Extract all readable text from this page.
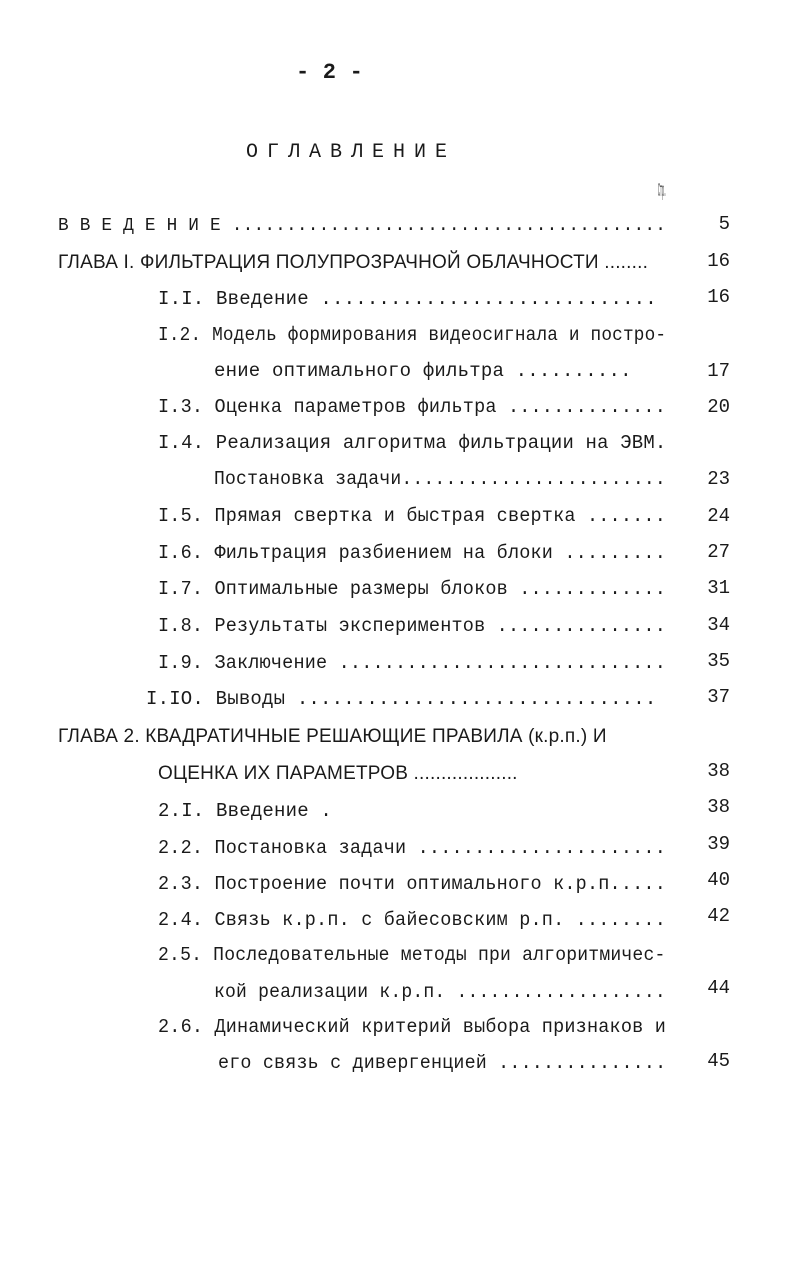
- 2 -
ОГЛАВЛЕНИЕ
Стр.
В В Е Д Е Н И Е ........................................	5
ГЛАВА I. ФИЛЬТРАЦИЯ ПОЛУПРОЗРАЧНОЙ ОБЛАЧНОСТИ ........	16
I.I. Введение .............................	16
I.2. Модель формирования видеосигнала и постро-
ение оптимального фильтра ..........	17
I.3. Оценка параметров фильтра ..............	20
I.4. Реализация алгоритма фильтрации на ЭВМ.
Постановка задачи........................	23
I.5. Прямая свертка и быстрая свертка .......	24
I.6. Фильтрация разбиением на блоки .........	27
I.7. Оптимальные размеры блоков .............	31
I.8. Результаты экспериментов ...............	34
I.9. Заключение .............................	35
I.IO. Выводы ...............................	37
ГЛАВА 2. КВАДРАТИЧНЫЕ РЕШАЮЩИЕ ПРАВИЛА (к.р.п.) И
ОЦЕНКА ИХ ПАРАМЕТРОВ ...................	38
2.I. Введение .	38
2.2. Постановка задачи ......................	39
2.3. Построение почти оптимального к.р.п.....	40
2.4. Связь к.р.п. с байесовским р.п. ........	42
2.5. Последовательные методы при алгоритмичес-
кой реализации к.р.п. ...................	44
2.6. Динамический критерий выбора признаков и
его связь с дивергенцией ...............	45
